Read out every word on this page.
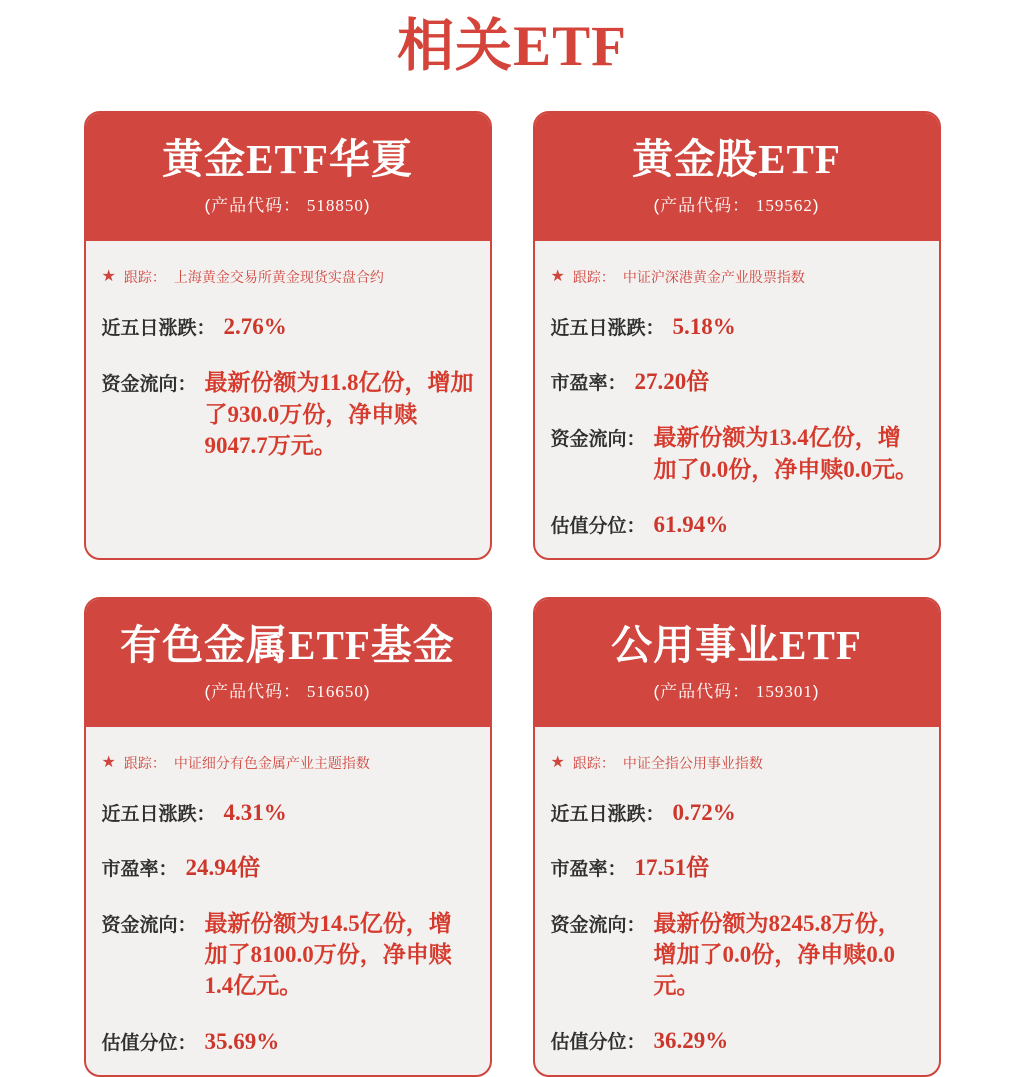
相关ETF
黄金ETF华夏
(产品代码： 518850)
★ 跟踪： 上海黄金交易所黄金现货实盘合约
近五日涨跌： 2.76%
资金流向： 最新份额为11.8亿份，增加了930.0万份，净申赎9047.7万元。
黄金股ETF
(产品代码： 159562)
★ 跟踪： 中证沪深港黄金产业股票指数
近五日涨跌： 5.18%
市盈率： 27.20倍
资金流向： 最新份额为13.4亿份，增加了0.0份，净申赎0.0元。
估值分位： 61.94%
有色金属ETF基金
(产品代码： 516650)
★ 跟踪： 中证细分有色金属产业主题指数
近五日涨跌： 4.31%
市盈率： 24.94倍
资金流向： 最新份额为14.5亿份，增加了8100.0万份，净申赎1.4亿元。
估值分位： 35.69%
公用事业ETF
(产品代码： 159301)
★ 跟踪： 中证全指公用事业指数
近五日涨跌： 0.72%
市盈率： 17.51倍
资金流向： 最新份额为8245.8万份，增加了0.0份，净申赎0.0元。
估值分位： 36.29%
